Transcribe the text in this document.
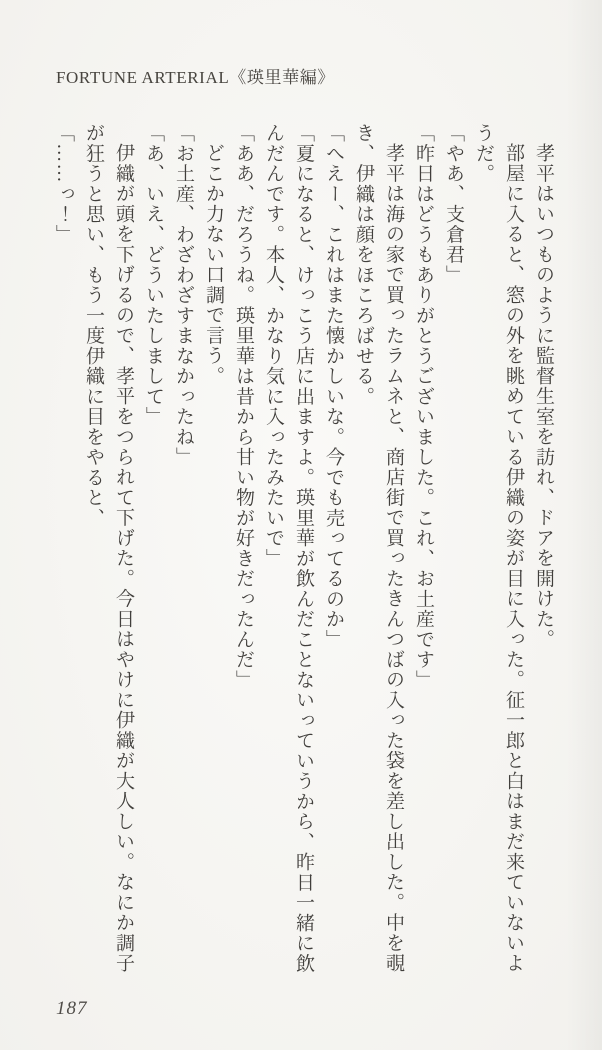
FORTUNE ARTERIAL《瑛里華編》

孝平はいつものように監督生室を訪れ、ドアを開けた。

部屋に入ると、窓の外を眺めている伊織の姿が目に入った。征一郎と白はまだ来ていないようだ。

「やあ、支倉君」

「昨日はどうもありがとうございました。これ、お土産です」

孝平は海の家で買ったラムネと、商店街で買ったきんつばの入った袋を差し出した。中を覗き、伊織は顔をほころばせる。

「へえー、これはまた懐かしいな。今でも売ってるのか」

「夏になると、けっこう店に出ますよ。瑛里華が飲んだことないっていうから、昨日一緒に飲んだんです。本人、かなり気に入ったみたいで」

「ああ、だろうね。瑛里華は昔から甘い物が好きだったんだ」

どこか力ない口調で言う。

「お土産、わざわざすまなかったね」

「あ、いえ、どういたしまして」

伊織が頭を下げるので、孝平をつられて下げた。今日はやけに伊織が大人しい。なにか調子が狂うと思い、もう一度伊織に目をやると、

「……っ！」

187
